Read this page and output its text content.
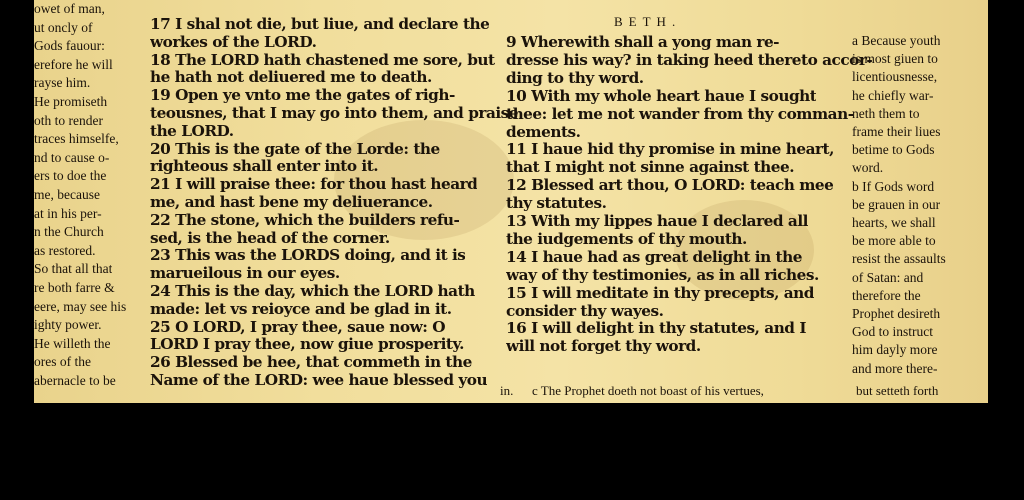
BETH.
owet of man,
ut oncly of
Gods fauour:
erefore he will
rayse him.
He promiseth
oth to render
traces himselfe,
nd to cause o-
ers to doe the
me, because
at in his per-
n the Church
as restored.
So that all that
re both farre &
eere, may see his
ighty power.
He willeth the
ores of the
abernacle to be
17 I shal not die, but liue, and declare the
workes of the LORD.
18 The LORD hath chastened me sore, but
he hath not deliuered me to death.
19 Open ye vnto me the gates of righ-
teousnes, that I may go into them, and praise
the LORD.
20 This is the gate of the Lorde: the
righteous shall enter into it.
21 I will praise thee: for thou hast heard
me, and hast bene my deliuerance.
22 The stone, which the builders refu-
sed, is the head of the corner.
23 This was the LORDS doing, and it is
marueilous in our eyes.
24 This is the day, which the LORD hath
made: let vs reioyce and be glad in it.
25 O LORD, I pray thee, saue now: O
LORD I pray thee, now giue prosperity.
26 Blessed be hee, that commeth in the
Name of the LORD: wee haue blessed you
9 Wherewith shall a yong man re-
dresse his way? in taking heed thereto accor-
ding to thy word.
10 With my whole heart haue I sought
thee: let me not wander from thy comman-
dements.
11 I haue hid thy promise in mine heart,
that I might not sinne against thee.
12 Blessed art thou, O LORD: teach mee
thy statutes.
13 With my lippes haue I declared all
the iudgements of thy mouth.
14 I haue had as great delight in the
way of thy testimonies, as in all riches.
15 I will meditate in thy precepts, and
consider thy wayes.
16 I will delight in thy statutes, and I
will not forget thy word.
a Because youth
is most giuen to
licentiousnesse,
he chiefly war-
neth them to
frame their liues
betime to Gods
word.
b If Gods word
be grauen in our
hearts, we shall
be more able to
resist the assaults
of Satan: and
therefore the
Prophet desireth
God to instruct
him dayly more
and more there-
in. c The Prophet doeth not boast of his vertues,	but setteth forth
